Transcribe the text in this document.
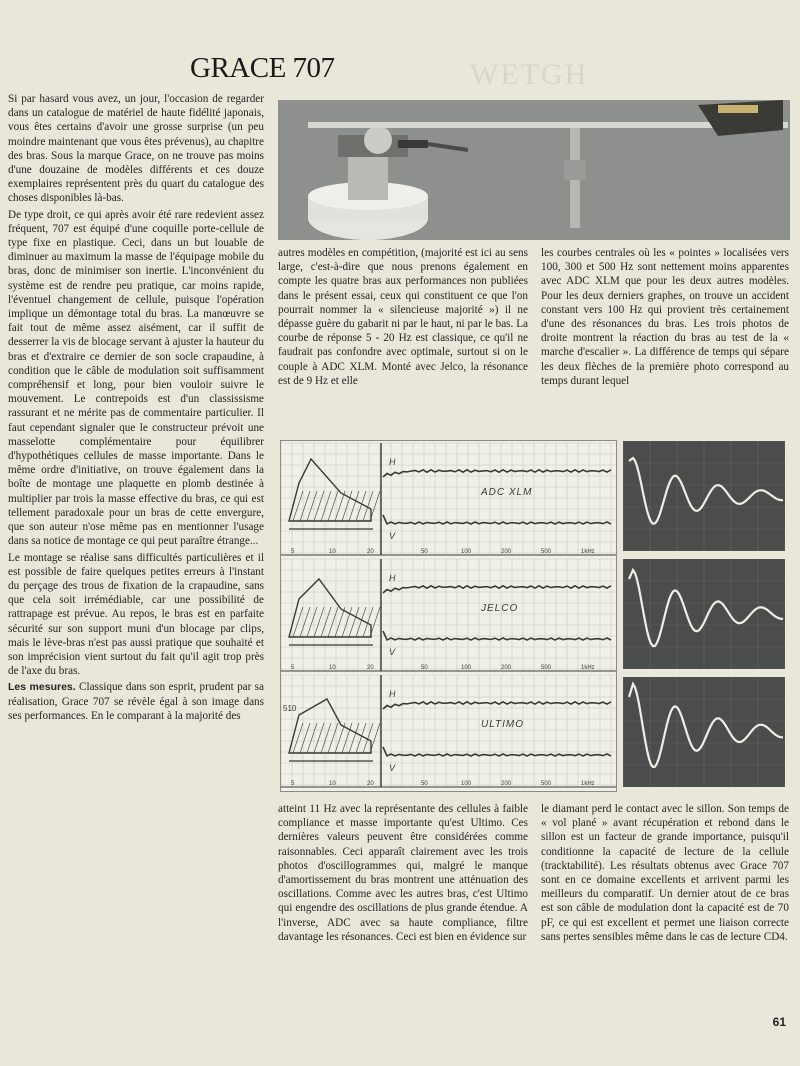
GRACE 707	WETGH

Si par hasard vous avez, un jour, l'occasion de regarder dans un catalogue de matériel de haute fidélité japonais, vous êtes certains d'avoir une grosse surprise (un peu moindre maintenant que vous êtes prévenus), au chapitre des bras. Sous la marque Grace, on ne trouve pas moins d'une douzaine de modèles différents et ces douze exemplaires représentent près du quart du catalogue des choses disponibles là-bas.

De type droit, ce qui après avoir été rare redevient assez fréquent, 707 est équipé d'une coquille porte-cellule de type fixe en plastique. Ceci, dans un but louable de diminuer au maximum la masse de l'équipage mobile du bras, donc de minimiser son inertie. L'inconvénient du système est de rendre peu pratique, car moins rapide, l'éventuel changement de cellule, puisque l'opération implique un démontage total du bras. La manœuvre se fait tout de même assez aisément, car il suffit de desserrer la vis de blocage servant à ajuster la hauteur du bras et d'extraire ce dernier de son socle crapaudine, à condition que le câble de modulation soit suffisamment compréhensif et long, pour bien vouloir suivre le mouvement. Le contrepoids est d'un classissisme rassurant et ne mérite pas de commentaire particulier. Il faut cependant signaler que le constructeur prévoit une masselotte complémentaire pour équilibrer d'hypothétiques cellules de masse importante. Dans le même ordre d'initiative, on trouve également dans la boîte de montage une plaquette en plomb destinée à multiplier par trois la masse effective du bras, ce qui est tellement paradoxale pour un bras de cette envergure, que son auteur n'ose même pas en mentionner l'usage dans sa notice de montage ce qui peut paraître étrange...

Le montage se réalise sans difficultés particulières et il est possible de faire quelques petites erreurs à l'instant du perçage des trous de fixation de la crapaudine, sans que cela soit irrémédiable, car une possibilité de rattrapage est prévue. Au repos, le bras est en parfaite sécurité sur son support muni d'un blocage par clips, mais le lève-bras n'est pas aussi pratique que souhaité et son imprécision vient surtout du fait qu'il agit trop près de l'axe du bras.

Les mesures. Classique dans son esprit, prudent par sa réalisation, Grace 707 se révèle égal à son image dans ses performances. En le comparant à la majorité des

autres modèles en compétition, (majorité est ici au sens large, c'est-à-dire que nous prenons également en compte les quatre bras aux performances non publiées dans le présent essai, ceux qui constituent ce que l'on pourrait nommer la « silencieuse majorité ») il ne dépasse guère du gabarit ni par le haut, ni par le bas. La courbe de réponse 5 - 20 Hz est classique, ce qu'il ne faudrait pas confondre avec optimale, surtout si on le couple à ADC XLM. Monté avec Jelco, la résonance est de 9 Hz et elle
les courbes centrales où les « pointes » localisées vers 100, 300 et 500 Hz sont nettement moins apparentes avec ADC XLM que pour les deux autres modèles. Pour les deux derniers graphes, on trouve un accident constant vers 100 Hz qui provient très certainement d'une des résonances du bras. Les trois photos de droite montrent la réaction du bras au test de la « marche d'escalier ». La différence de temps qui sépare les deux flèches de la première photo correspond au temps durant lequel
H
V
ADC XLM
5	10	20	50	100	200	500	1kHz
H
V
JELCO
5	10	20	50	100	200	500	1kHz
H
V
ULTIMO
510
5	10	20	50	100	200	500	1kHz
atteint 11 Hz avec la représentante des cellules à faible compliance et masse importante qu'est Ultimo. Ces dernières valeurs peuvent être considérées comme raisonnables. Ceci apparaît clairement avec les trois photos d'oscillogrammes qui, malgré le manque d'amortissement du bras montrent une atténuation des oscillations. Comme avec les autres bras, c'est Ultimo qui engendre des oscillations de plus grande étendue. A l'inverse, ADC avec sa haute compliance, filtre davantage les résonances. Ceci est bien en évidence sur
le diamant perd le contact avec le sillon. Son temps de « vol plané » avant récupération et rebond dans le sillon est un facteur de grande importance, puisqu'il conditionne la capacité de lecture de la cellule (tracktabilité). Les résultats obtenus avec Grace 707 sont en ce domaine excellents et arrivent parmi les meilleurs du comparatif. Un dernier atout de ce bras est son câble de modulation dont la capacité est de 70 pF, ce qui est excellent et permet une liaison correcte sans pertes sensibles même dans le cas de lecture CD4.
61
